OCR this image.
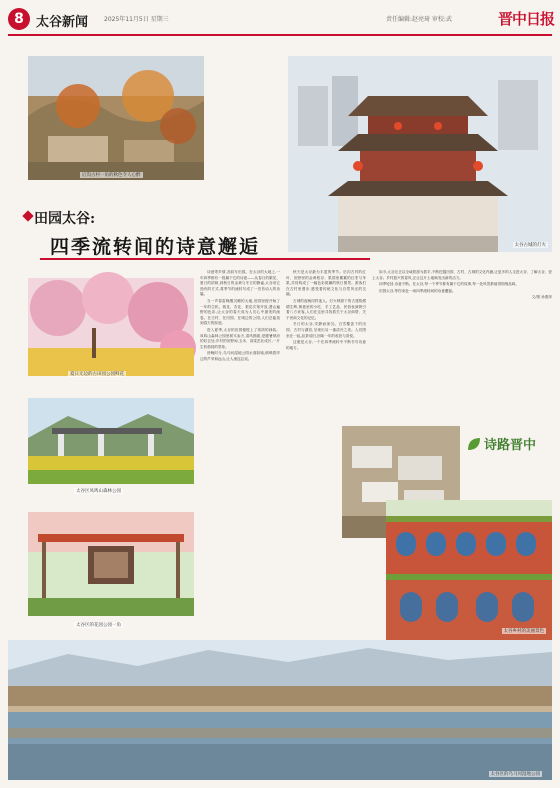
8 太谷新闻	2025年11月5日 星期三	责任编辑:赵亮琦 审校:武	晋中日报
后沟古村一角的秋色令人心醉
太谷古城的灯火
田园太谷:
四季流转间的诗意邂逅
夏日无边的古田园公园鲜花
太谷区凤鸣山森林公园
太谷区的花园公园一角

诗意寄乡情,音韵写田园。在太谷的大地上,一年四季都有一段属于它的诗意——从春日的繁花、夏日的浓荫,到秋日的金黄与冬日的静谧,太谷用它独有的方式,将季节的流转写成了一首首动人的诗篇。

当一声春雷唤醒沉睡的大地,田园里便开始了一年的生机。桃花、杏花、梨花次第开放,漫山遍野的色彩,让太谷的春天成为人们心中最美的画卷。在古村、在田园、在城边的公园,人们总能找到春天的踪迹。

进入夏季,太谷的田园便披上了浓浓的绿装。凤鸣山森林公园里树木参天,清风拂面,是避暑纳凉的好去处;乡村的田野间,玉米、高粱茁壮成长,一片生机勃勃的景象。

傍晚时分,乌马河湿地公园水面如镜,倒映着岸边的芦苇和远山,让人流连忘返。

秋天是太谷最为丰盈的季节。后沟古村的红叶、田野里的金黄稻谷、果园里累累的红枣与苹果,共同构成了一幅色彩斑斓的秋日图景。游客们在古村里漫步,感受着传统文化与自然风光的交融。

古城的夜晚同样迷人。灯火映照下的古建筑熠熠生辉,街巷里的小吃、手工艺品、民俗表演吸引着八方来客,人们在这里寻找着关于太谷商帮、关于晋商文化的记忆。

冬日的太谷,安静而深沉。白雪覆盖下的田园、古村与湖泊,呈现出另一番清冷之美。人们围坐在一起,品茶话旧,回味一年的收获与喜悦。

这便是太谷,一个在四季流转中不断书写诗意的地方。

如今,太谷区正以全域旅游为抓手,不断挖掘田园、古村、古城的文化内涵,让更多的人走进太谷、了解太谷、爱上太谷。乡村振兴的春风,正让这片土地焕发出新的活力。

四季轮回,诗意不断。在太谷,每一个季节都有属于它的故事,每一处风景都值得细细品味。

田园太谷,等你来赴一场四季流转间的诗意邂逅。

文/图 孙燕萍

诗路晋中
太谷乡村的美丽景色
太谷区的乌马河湿地公园
